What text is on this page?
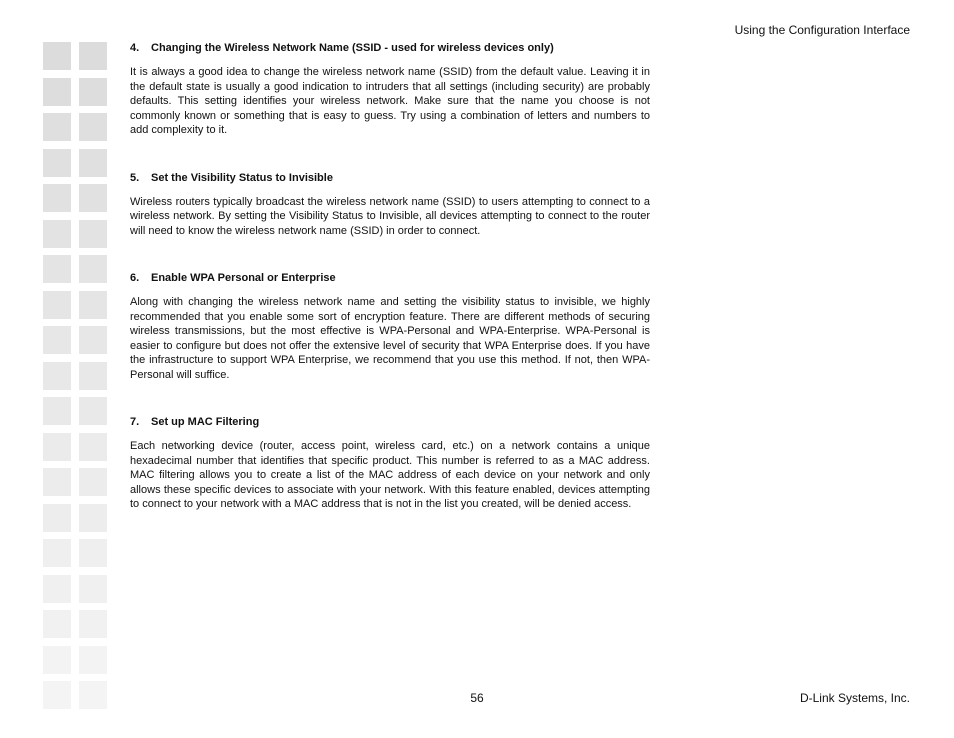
Using the Configuration Interface
4.	Changing the Wireless Network Name (SSID - used for wireless devices only)

It is always a good idea to change the wireless network name (SSID) from the default value. Leaving it in the default state is usually a good indication to intruders that all settings (including security) are probably defaults. This setting identifies your wireless network. Make sure that the name you choose is not commonly known or something that is easy to guess. Try using a combination of letters and numbers to add complexity to it.

5.	Set the Visibility Status to Invisible

Wireless routers typically broadcast the wireless network name (SSID) to users attempting to connect to a wireless network. By setting the Visibility Status to Invisible, all devices attempting to connect to the router will need to know the wireless network name (SSID) in order to connect.

6.	Enable WPA Personal or Enterprise

Along with changing the wireless network name and setting the visibility status to invisible, we highly recommended that you enable some sort of encryption feature. There are different methods of securing wireless transmissions, but the most effective is WPA-Personal and WPA-Enterprise. WPA-Personal is easier to configure but does not offer the extensive level of security that WPA Enterprise does. If you have the infrastructure to support WPA Enterprise, we recommend that you use this method. If not, then WPA-Personal will suffice.

7.	Set up MAC Filtering

Each networking device (router, access point, wireless card, etc.) on a network contains a unique hexadecimal number that identifies that specific product. This number is referred to as a MAC address. MAC filtering allows you to create a list of the MAC address of each device on your network and only allows these specific devices to associate with your network. With this feature enabled, devices attempting to connect to your network with a MAC address that is not in the list you created, will be denied access.

56	D-Link Systems, Inc.
